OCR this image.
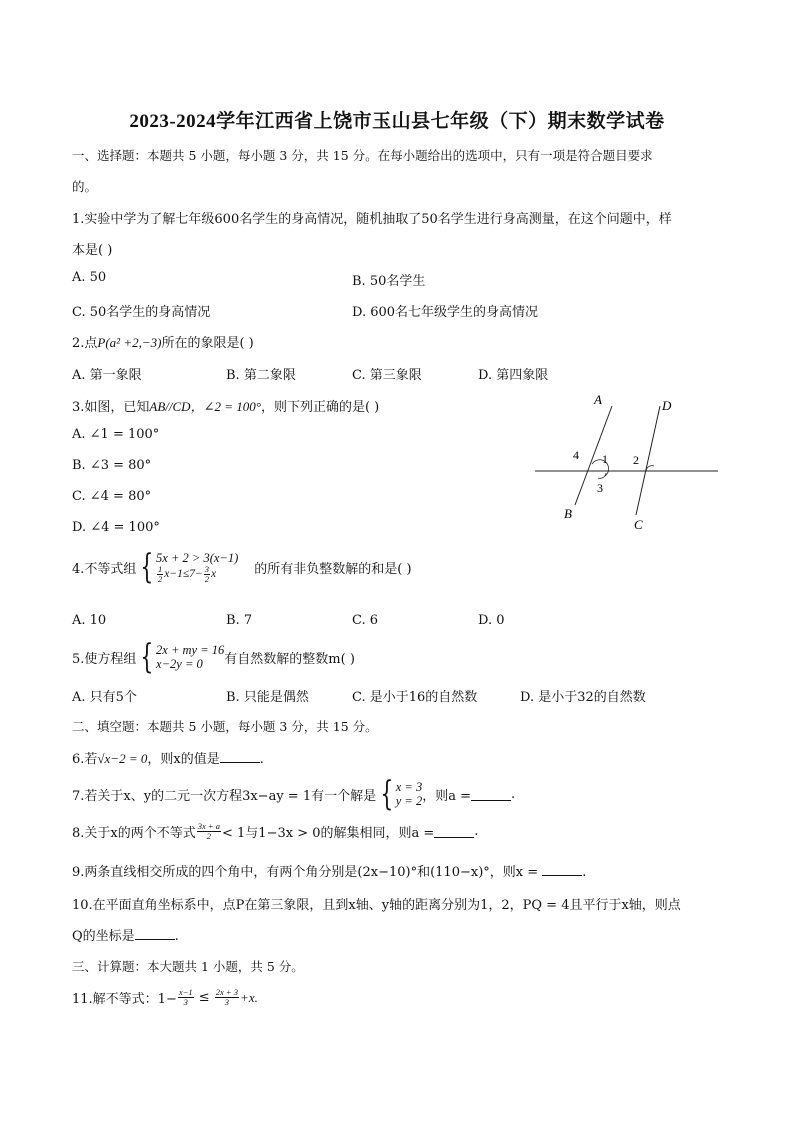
2023-2024学年江西省上饶市玉山县七年级（下）期末数学试卷
一、选择题：本题共 5 小题，每小题 3 分，共 15 分。在每小题给出的选项中，只有一项是符合题目要求
的。
1.实验中学为了解七年级600名学生的身高情况，随机抽取了50名学生进行身高测量，在这个问题中，样
本是( )
A. 50	B. 50名学生
C. 50名学生的身高情况	D. 600名七年级学生的身高情况
2.点P(a² +2,−3)所在的象限是( )
A. 第一象限	B. 第二象限	C. 第三象限	D. 第四象限
3.如图，已知AB//CD，∠2 = 100°，则下列正确的是( )
A. ∠1 = 100°
B. ∠3 = 80°
C. ∠4 = 80°
D. ∠4 = 100°
A
B
C
D
1 2
3
4
4.不等式组 { 5x + 2 > 3(x−1)
$\frac{1}{2} x-1\le 7- \frac{3}{2}$ x	的所有非负整数解的和是( )
A. 10	B. 7	C. 6	D. 0
5.使方程组 { 2x + my = 16
x−2y = 0	有自然数解的整数m( )
A. 只有5个	B. 只能是偶然	C. 是小于16的自然数	D. 是小于32的自然数
二、填空题：本题共 5 小题，每小题 3 分，共 15 分。
6.若√x−2 = 0，则x的值是	.
7.若关于x、y的二元一次方程3x−ay = 1有一个解是 { x = 3
y = 2 ，则a =	.
8.关于x的两个不等式 $\frac{3x + a}{2} < 1$与1−3x > 0的解集相同，则a =	.
9.两条直线相交所成的四个角中，有两个角分别是(2x−10)°和(110−x)°，则x =	.
10.在平面直角坐标系中，点P在第三象限，且到x轴、y轴的距离分别为1，2，PQ = 4且平行于x轴，则点
Q的坐标是	.
三、计算题：本大题共 1 小题，共 5 分。
11.解不等式：$1- \frac{x-1}{3} \le \frac{2x + 3}{3} +x$.
